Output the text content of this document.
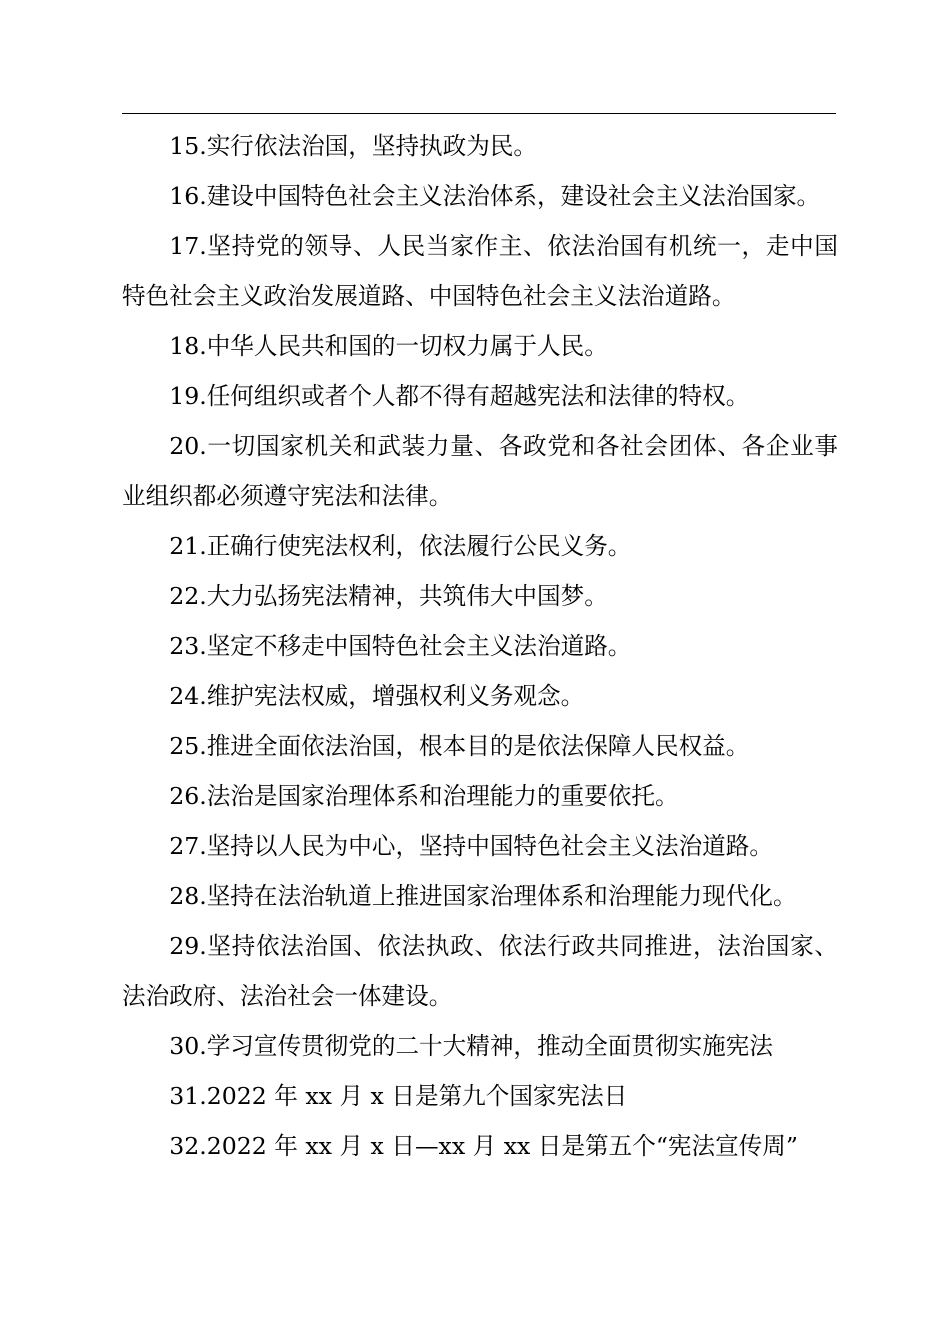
15.实行依法治国，坚持执政为民。

16.建设中国特色社会主义法治体系，建设社会主义法治国家。

17.坚持党的领导、人民当家作主、依法治国有机统一，走中国特色社会主义政治发展道路、中国特色社会主义法治道路。

18.中华人民共和国的一切权力属于人民。

19.任何组织或者个人都不得有超越宪法和法律的特权。

20.一切国家机关和武装力量、各政党和各社会团体、各企业事业组织都必须遵守宪法和法律。

21.正确行使宪法权利，依法履行公民义务。

22.大力弘扬宪法精神，共筑伟大中国梦。

23.坚定不移走中国特色社会主义法治道路。

24.维护宪法权威，增强权利义务观念。

25.推进全面依法治国，根本目的是依法保障人民权益。

26.法治是国家治理体系和治理能力的重要依托。

27.坚持以人民为中心，坚持中国特色社会主义法治道路。

28.坚持在法治轨道上推进国家治理体系和治理能力现代化。

29.坚持依法治国、依法执政、依法行政共同推进，法治国家、法治政府、法治社会一体建设。

30.学习宣传贯彻党的二十大精神，推动全面贯彻实施宪法

31.2022 年 xx 月 x 日是第九个国家宪法日

32.2022 年 xx 月 x 日—xx 月 xx 日是第五个“宪法宣传周”
